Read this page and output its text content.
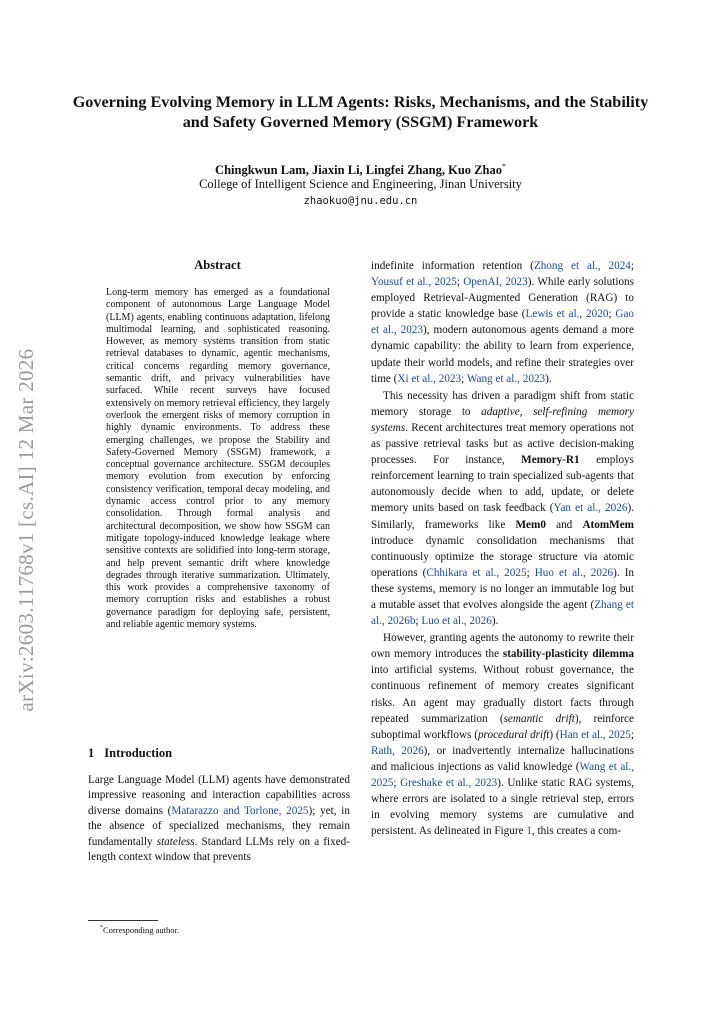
arXiv:2603.11768v1 [cs.AI] 12 Mar 2026
Governing Evolving Memory in LLM Agents: Risks, Mechanisms, and the Stability and Safety Governed Memory (SSGM) Framework
Chingkwun Lam, Jiaxin Li, Lingfei Zhang, Kuo Zhao*
College of Intelligent Science and Engineering, Jinan University
zhaokuo@jnu.edu.cn
Abstract
Long-term memory has emerged as a foundational component of autonomous Large Language Model (LLM) agents, enabling continuous adaptation, lifelong multimodal learning, and sophisticated reasoning. However, as memory systems transition from static retrieval databases to dynamic, agentic mechanisms, critical concerns regarding memory governance, semantic drift, and privacy vulnerabilities have surfaced. While recent surveys have focused extensively on memory retrieval efficiency, they largely overlook the emergent risks of memory corruption in highly dynamic environments. To address these emerging challenges, we propose the Stability and Safety-Governed Memory (SSGM) framework, a conceptual governance architecture. SSGM decouples memory evolution from execution by enforcing consistency verification, temporal decay modeling, and dynamic access control prior to any memory consolidation. Through formal analysis and architectural decomposition, we show how SSGM can mitigate topology-induced knowledge leakage where sensitive contexts are solidified into long-term storage, and help prevent semantic drift where knowledge degrades through iterative summarization. Ultimately, this work provides a comprehensive taxonomy of memory corruption risks and establishes a robust governance paradigm for deploying safe, persistent, and reliable agentic memory systems.
1 Introduction

Large Language Model (LLM) agents have demonstrated impressive reasoning and interaction capabilities across diverse domains (Matarazzo and Torlone, 2025); yet, in the absence of specialized mechanisms, they remain fundamentally stateless. Standard LLMs rely on a fixed-length context window that prevents

*Corresponding author.

indefinite information retention (Zhong et al., 2024; Yousuf et al., 2025; OpenAI, 2023). While early solutions employed Retrieval-Augmented Generation (RAG) to provide a static knowledge base (Lewis et al., 2020; Gao et al., 2023), modern autonomous agents demand a more dynamic capability: the ability to learn from experience, update their world models, and refine their strategies over time (Xi et al., 2023; Wang et al., 2023).

This necessity has driven a paradigm shift from static memory storage to adaptive, self-refining memory systems. Recent architectures treat memory operations not as passive retrieval tasks but as active decision-making processes. For instance, Memory-R1 employs reinforcement learning to train specialized sub-agents that autonomously decide when to add, update, or delete memory units based on task feedback (Yan et al., 2026). Similarly, frameworks like Mem0 and AtomMem introduce dynamic consolidation mechanisms that continuously optimize the storage structure via atomic operations (Chhikara et al., 2025; Huo et al., 2026). In these systems, memory is no longer an immutable log but a mutable asset that evolves alongside the agent (Zhang et al., 2026b; Luo et al., 2026).

However, granting agents the autonomy to rewrite their own memory introduces the stability-plasticity dilemma into artificial systems. Without robust governance, the continuous refinement of memory creates significant risks. An agent may gradually distort facts through repeated summarization (semantic drift), reinforce suboptimal workflows (procedural drift) (Han et al., 2025; Rath, 2026), or inadvertently internalize hallucinations and malicious injections as valid knowledge (Wang et al., 2025; Greshake et al., 2023). Unlike static RAG systems, where errors are isolated to a single retrieval step, errors in evolving memory systems are cumulative and persistent. As delineated in Figure 1, this creates a com-
